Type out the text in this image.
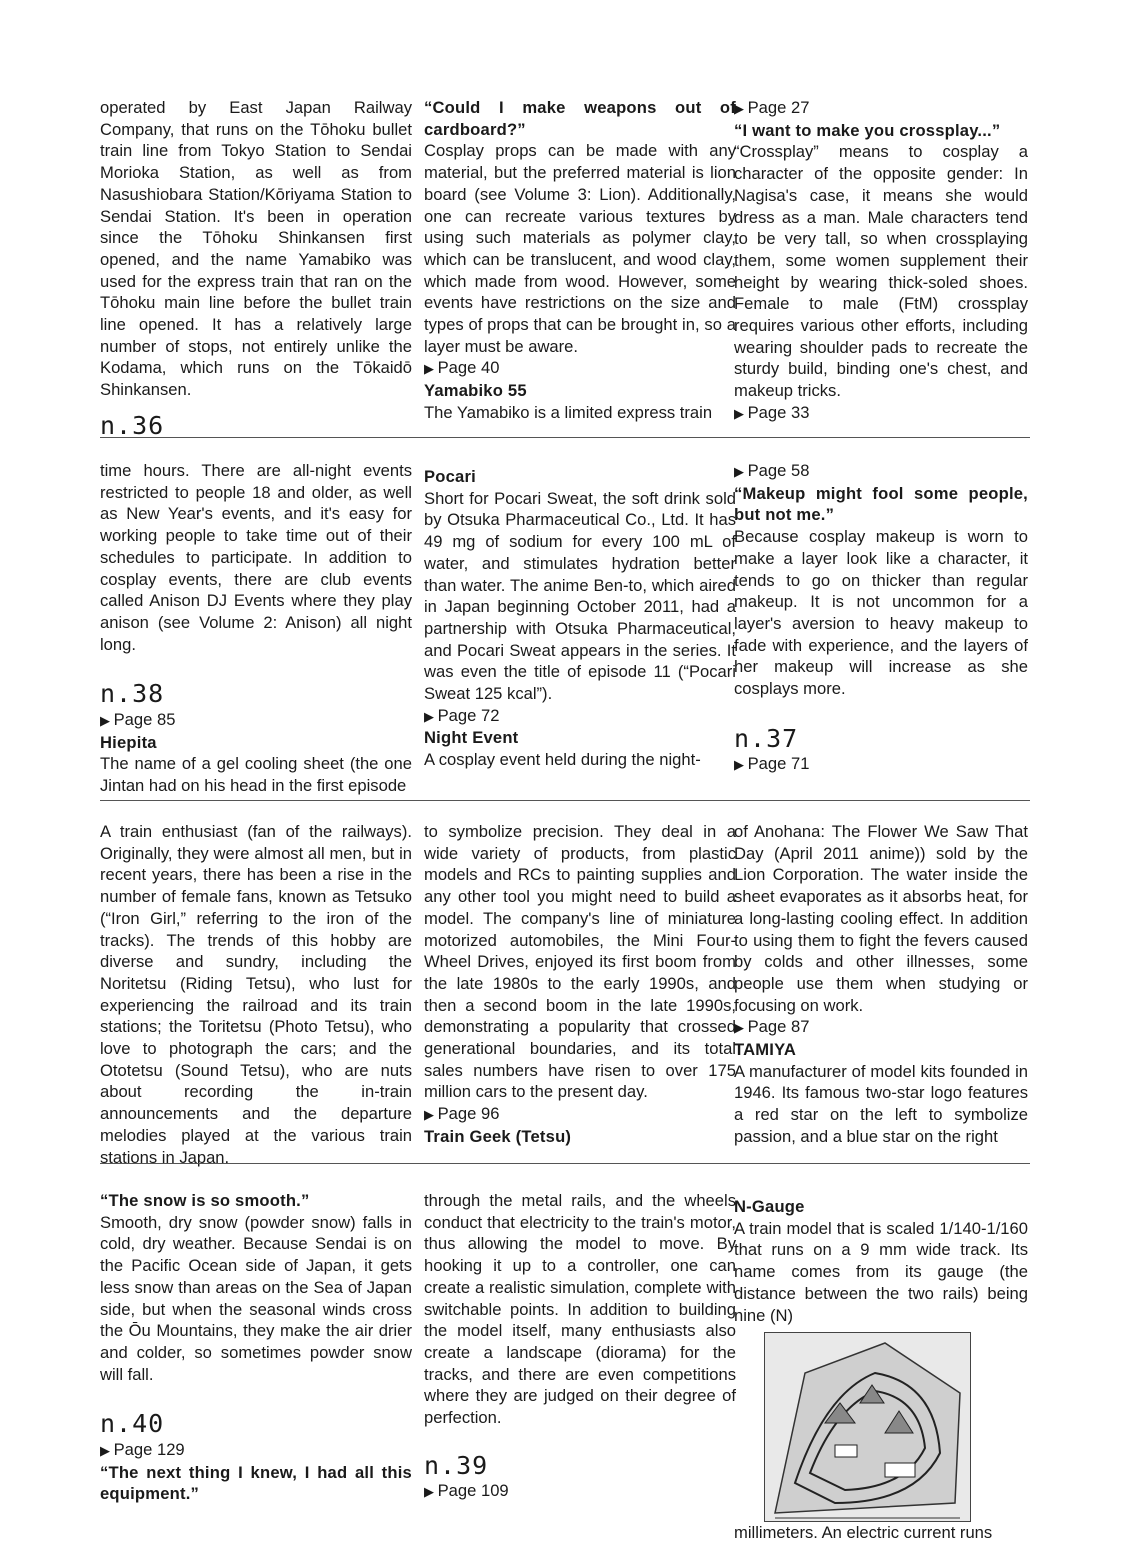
operated by East Japan Railway Company, that runs on the Tōhoku bullet train line from Tokyo Station to Sendai Morioka Station, as well as from Nasushiobara Station/Kōriyama Station to Sendai Station. It's been in operation since the Tōhoku Shinkansen first opened, and the name Yamabiko was used for the express train that ran on the Tōhoku main line before the bullet train line opened. It has a relatively large number of stops, not entirely unlike the Kodama, which runs on the Tōkaidō Shinkansen.

n.36

“Could I make weapons out of cardboard?”

Cosplay props can be made with any material, but the preferred material is lion board (see Volume 3: Lion). Additionally, one can recreate various textures by using such materials as polymer clay, which can be translucent, and wood clay, which made from wood. However, some events have restrictions on the size and types of props that can be brought in, so a layer must be aware.

▶ Page 40

Yamabiko 55

The Yamabiko is a limited express train

▶ Page 27

“I want to make you crossplay...”

“Crossplay” means to cosplay a character of the opposite gender: In Nagisa's case, it means she would dress as a man. Male characters tend to be very tall, so when crossplaying them, some women supplement their height by wearing thick-soled shoes. Female to male (FtM) crossplay requires various other efforts, including wearing shoulder pads to recreate the sturdy build, binding one's chest, and makeup tricks.

▶ Page 33

time hours. There are all-night events restricted to people 18 and older, as well as New Year's events, and it's easy for working people to take time out of their schedules to participate. In addition to cosplay events, there are club events called Anison DJ Events where they play anison (see Volume 2: Anison) all night long.

n.38

▶ Page 85

Hiepita

The name of a gel cooling sheet (the one Jintan had on his head in the first episode

Pocari

Short for Pocari Sweat, the soft drink sold by Otsuka Pharmaceutical Co., Ltd. It has 49 mg of sodium for every 100 mL of water, and stimulates hydration better than water. The anime Ben-to, which aired in Japan beginning October 2011, had a partnership with Otsuka Pharmaceutical, and Pocari Sweat appears in the series. It was even the title of episode 11 (“Pocari Sweat 125 kcal”).

▶ Page 72

Night Event

A cosplay event held during the night-

▶ Page 58

“Makeup might fool some people, but not me.”

Because cosplay makeup is worn to make a layer look like a character, it tends to go on thicker than regular makeup. It is not uncommon for a layer's aversion to heavy makeup to fade with experience, and the layers of her makeup will increase as she cosplays more.

n.37

▶ Page 71

A train enthusiast (fan of the railways). Originally, they were almost all men, but in recent years, there has been a rise in the number of female fans, known as Tetsuko (“Iron Girl,” referring to the iron of the tracks). The trends of this hobby are diverse and sundry, including the Noritetsu (Riding Tetsu), who lust for experiencing the railroad and its train stations; the Toritetsu (Photo Tetsu), who love to photograph the cars; and the Ototetsu (Sound Tetsu), who are nuts about recording the in-train announcements and the departure melodies played at the various train stations in Japan.

to symbolize precision. They deal in a wide variety of products, from plastic models and RCs to painting supplies and any other tool you might need to build a model. The company's line of miniature motorized automobiles, the Mini Four-Wheel Drives, enjoyed its first boom from the late 1980s to the early 1990s, and then a second boom in the late 1990s, demonstrating a popularity that crossed generational boundaries, and its total sales numbers have risen to over 175 million cars to the present day.

▶ Page 96

Train Geek (Tetsu)

of Anohana: The Flower We Saw That Day (April 2011 anime)) sold by the Lion Corporation. The water inside the sheet evaporates as it absorbs heat, for a long-lasting cooling effect. In addition to using them to fight the fevers caused by colds and other illnesses, some people use them when studying or focusing on work.

▶ Page 87

TAMIYA

A manufacturer of model kits founded in 1946. Its famous two-star logo features a red star on the left to symbolize passion, and a blue star on the right

“The snow is so smooth.”

Smooth, dry snow (powder snow) falls in cold, dry weather. Because Sendai is on the Pacific Ocean side of Japan, it gets less snow than areas on the Sea of Japan side, but when the seasonal winds cross the Ōu Mountains, they make the air drier and colder, so sometimes powder snow will fall.

n.40

▶ Page 129

“The next thing I knew, I had all this equipment.”

through the metal rails, and the wheels conduct that electricity to the train's motor, thus allowing the model to move. By hooking it up to a controller, one can create a realistic simulation, complete with switchable points. In addition to building the model itself, many enthusiasts also create a landscape (diorama) for the tracks, and there are even competitions where they are judged on their degree of perfection.

n.39

▶ Page 109

N-Gauge

A train model that is scaled 1/140-1/160 that runs on a 9 mm wide track. Its name comes from its gauge (the distance between the two rails) being nine (N)

millimeters. An electric current runs
